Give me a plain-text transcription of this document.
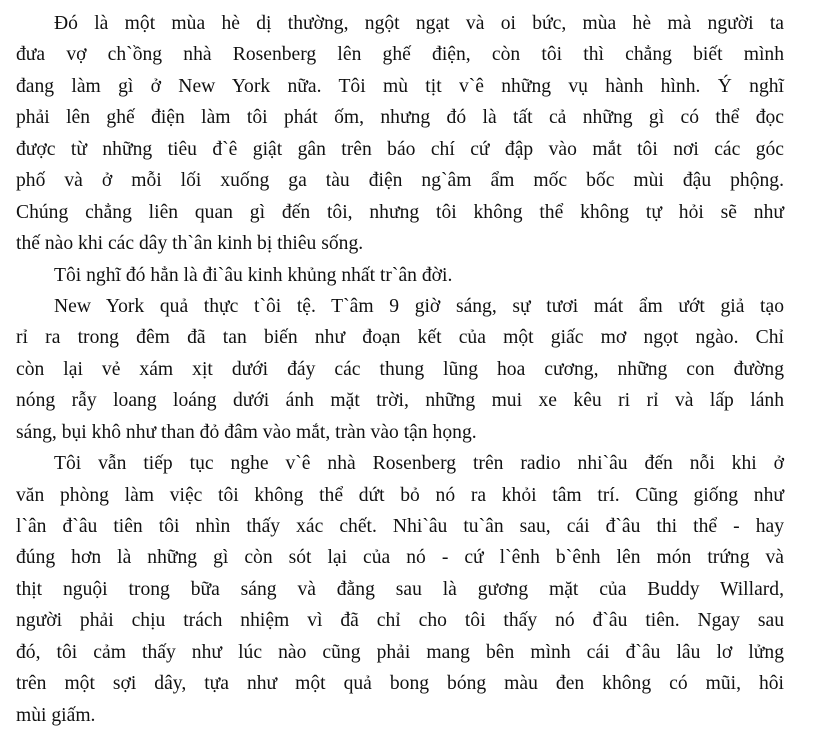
Đó là một mùa hè dị thường, ngột ngạt và oi bức, mùa hè mà người ta
đưa vợ ch`ồng nhà Rosenberg lên ghế điện, còn tôi thì chẳng biết mình
đang làm gì ở New York nữa. Tôi mù tịt v`ê những vụ hành hình. Ý nghĩ
phải lên ghế điện làm tôi phát ốm, nhưng đó là tất cả những gì có thể đọc
được từ những tiêu đ`ê giật gân trên báo chí cứ đập vào mắt tôi nơi các góc
phố và ở mỗi lối xuống ga tàu điện ng`âm ẩm mốc bốc mùi đậu phộng.
Chúng chẳng liên quan gì đến tôi, nhưng tôi không thể không tự hỏi sẽ như
thế nào khi các dây th`ân kinh bị thiêu sống.
Tôi nghĩ đó hẳn là đi`âu kinh khủng nhất tr`ân đời.
New York quả thực t`ôi tệ. T`âm 9 giờ sáng, sự tươi mát ẩm ướt giả tạo
rỉ ra trong đêm đã tan biến như đoạn kết của một giấc mơ ngọt ngào. Chỉ
còn lại vẻ xám xịt dưới đáy các thung lũng hoa cương, những con đường
nóng rẫy loang loáng dưới ánh mặt trời, những mui xe kêu ri rỉ và lấp lánh
sáng, bụi khô như than đỏ đâm vào mắt, tràn vào tận họng.
Tôi vẫn tiếp tục nghe v`ê nhà Rosenberg trên radio nhi`âu đến nỗi khi ở
văn phòng làm việc tôi không thể dứt bỏ nó ra khỏi tâm trí. Cũng giống như
l`ân đ`âu tiên tôi nhìn thấy xác chết. Nhi`âu tu`ân sau, cái đ`âu thi thể - hay
đúng hơn là những gì còn sót lại của nó - cứ l`ênh b`ênh lên món trứng và
thịt nguội trong bữa sáng và đằng sau là gương mặt của Buddy Willard,
người phải chịu trách nhiệm vì đã chỉ cho tôi thấy nó đ`âu tiên. Ngay sau
đó, tôi cảm thấy như lúc nào cũng phải mang bên mình cái đ`âu lâu lơ lửng
trên một sợi dây, tựa như một quả bong bóng màu đen không có mũi, hôi
mùi giấm.
